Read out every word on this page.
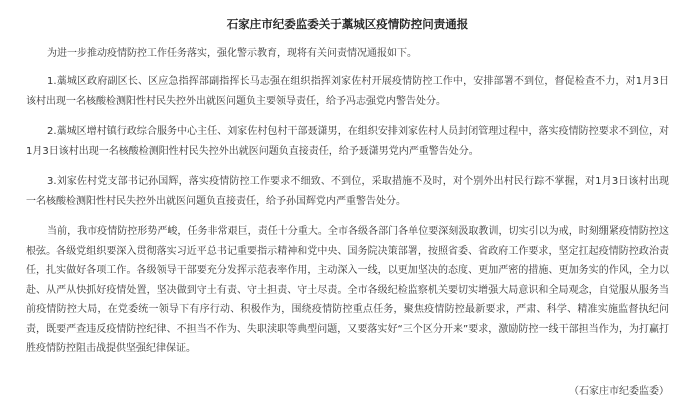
石家庄市纪委监委关于藁城区疫情防控问责通报

为进一步推动疫情防控工作任务落实，强化警示教育，现将有关问责情况通报如下。

1.藁城区政府副区长、区应急指挥部副指挥长马志强在组织指挥刘家佐村开展疫情防控工作中，安排部署不到位，督促检查不力，对1月3日该村出现一名核酸检测阳性村民失控外出就医问题负主要领导责任，给予冯志强党内警告处分。

2.藁城区增村镇行政综合服务中心主任、刘家佐村包村干部聂潇男，在组织安排刘家佐村人员封闭管理过程中，落实疫情防控要求不到位，对1月3日该村出现一名核酸检测阳性村民失控外出就医问题负直接责任，给予聂潇男党内严重警告处分。

3.刘家佐村党支部书记孙国辉，落实疫情防控工作要求不细致、不到位，采取措施不及时，对个别外出村民行踪不掌握，对1月3日该村出现一名核酸检测阳性村民失控外出就医问题负直接责任，给予孙国辉党内严重警告处分。

当前，我市疫情防控形势严峻，任务非常艰巨，责任十分重大。全市各级各部门各单位要深刻汲取教训，切实引以为戒，时刻绷紧疫情防控这根弦。各级党组织要深入贯彻落实习近平总书记重要指示精神和党中央、国务院决策部署，按照省委、省政府工作要求，坚定扛起疫情防控政治责任，扎实做好各项工作。各级领导干部要充分发挥示范表率作用，主动深入一线，以更加坚决的态度、更加严密的措施、更加务实的作风，全力以赴、从严从快抓好疫情处置，坚决做到守土有责、守土担责、守土尽责。全市各级纪检监察机关要切实增强大局意识和全局观念，自觉服从服务当前疫情防控大局，在党委统一领导下有序行动、积极作为，围绕疫情防控重点任务，聚焦疫情防控最新要求，严肃、科学、精准实施监督执纪问责，既要严查违反疫情防控纪律、不担当不作为、失职渎职等典型问题，又要落实好“三个区分开来”要求，激励防控一线干部担当作为，为打赢打胜疫情防控阻击战提供坚强纪律保证。

（石家庄市纪委监委）
